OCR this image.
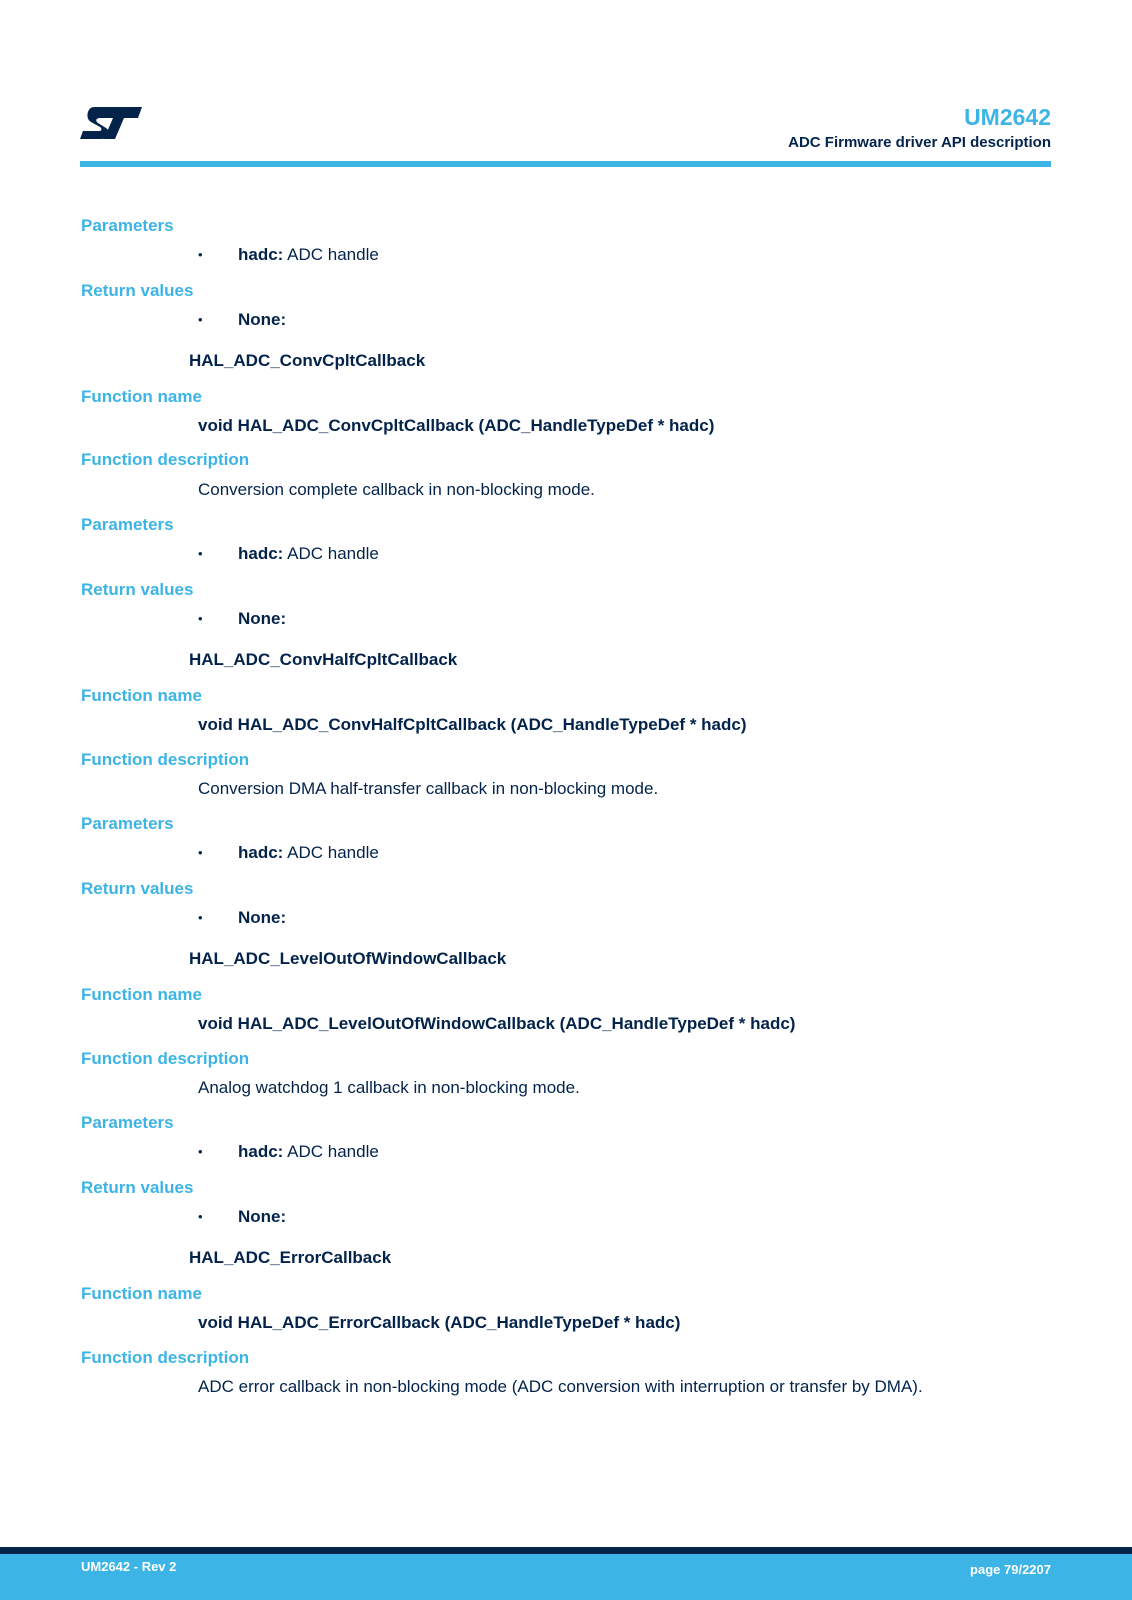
UM2642
ADC Firmware driver API description
Parameters
• hadc: ADC handle
Return values
• None:
HAL_ADC_ConvCpltCallback
Function name
void HAL_ADC_ConvCpltCallback (ADC_HandleTypeDef * hadc)
Function description
Conversion complete callback in non-blocking mode.
Parameters
• hadc: ADC handle
Return values
• None:
HAL_ADC_ConvHalfCpltCallback
Function name
void HAL_ADC_ConvHalfCpltCallback (ADC_HandleTypeDef * hadc)
Function description
Conversion DMA half-transfer callback in non-blocking mode.
Parameters
• hadc: ADC handle
Return values
• None:
HAL_ADC_LevelOutOfWindowCallback
Function name
void HAL_ADC_LevelOutOfWindowCallback (ADC_HandleTypeDef * hadc)
Function description
Analog watchdog 1 callback in non-blocking mode.
Parameters
• hadc: ADC handle
Return values
• None:
HAL_ADC_ErrorCallback
Function name
void HAL_ADC_ErrorCallback (ADC_HandleTypeDef * hadc)
Function description
ADC error callback in non-blocking mode (ADC conversion with interruption or transfer by DMA).
UM2642 - Rev 2	page 79/2207
